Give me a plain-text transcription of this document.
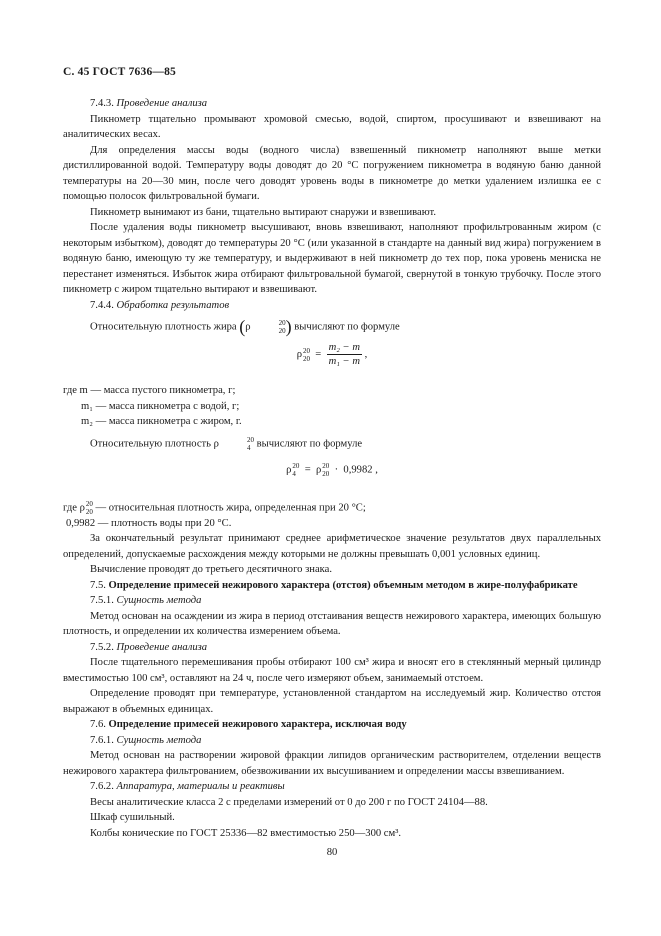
С. 45 ГОСТ 7636—85

7.4.3. Проведение анализа

Пикнометр тщательно промывают хромовой смесью, водой, спиртом, просушивают и взвешивают на аналитических весах.

Для определения массы воды (водного числа) взвешенный пикнометр наполняют выше метки дистиллированной водой. Температуру воды доводят до 20 °С погружением пикнометра в водяную баню данной температуры на 20—30 мин, после чего доводят уровень воды в пикнометре до метки удалением излишка ее с помощью полосок фильтровальной бумаги.

Пикнометр вынимают из бани, тщательно вытирают снаружи и взвешивают.

После удаления воды пикнометр высушивают, вновь взвешивают, наполняют профильтрованным жиром (с некоторым избытком), доводят до температуры 20 °С (или указанной в стандарте на данный вид жира) погружением в водяную баню, имеющую ту же температуру, и выдерживают в ней пикнометр до тех пор, пока уровень мениска не перестанет изменяться. Избыток жира отбирают фильтровальной бумагой, свернутой в тонкую трубочку. После этого пикнометр с жиром тщательно вытирают и взвешивают.

7.4.4. Обработка результатов

Относительную плотность жира (ρ	20
20 ) вычисляют по формуле

ρ 20
$20 = \frac{\text{m₂ − m}}{\text{m₁ − m}}$ ,

где m — масса пустого пикнометра, г;

m₁ — масса пикнометра с водой, г;

m₂ — масса пикнометра с жиром, г.

Относительную плотность ρ	20
4 вычисляют по формуле

ρ 20
4 = ρ 20
20 · 0,9982 ,

где ρ 20
20 — относительная плотность жира, определенная при 20 °С;

0,9982 — плотность воды при 20 °С.

За окончательный результат принимают среднее арифметическое значение результатов двух параллельных определений, допускаемые расхождения между которыми не должны превышать 0,001 условных единиц.

Вычисление проводят до третьего десятичного знака.

7.5. Определение примесей нежирового характера (отстоя) объемным методом в жире-полуфабрикате

7.5.1. Сущность метода

Метод основан на осаждении из жира в период отстаивания веществ нежирового характера, имеющих большую плотность, и определении их количества измерением объема.

7.5.2. Проведение анализа

После тщательного перемешивания пробы отбирают 100 см³ жира и вносят его в стеклянный мерный цилиндр вместимостью 100 см³, оставляют на 24 ч, после чего измеряют объем, занимаемый отстоем.

Определение проводят при температуре, установленной стандартом на исследуемый жир. Количество отстоя выражают в объемных единицах.

7.6. Определение примесей нежирового характера, исключая воду

7.6.1. Сущность метода

Метод основан на растворении жировой фракции липидов органическим растворителем, отделении веществ нежирового характера фильтрованием, обезвоживании их высушиванием и определении массы взвешиванием.

7.6.2. Аппаратура, материалы и реактивы

Весы аналитические класса 2 с пределами измерений от 0 до 200 г по ГОСТ 24104—88.

Шкаф сушильный.

Колбы конические по ГОСТ 25336—82 вместимостью 250—300 см³.

80
